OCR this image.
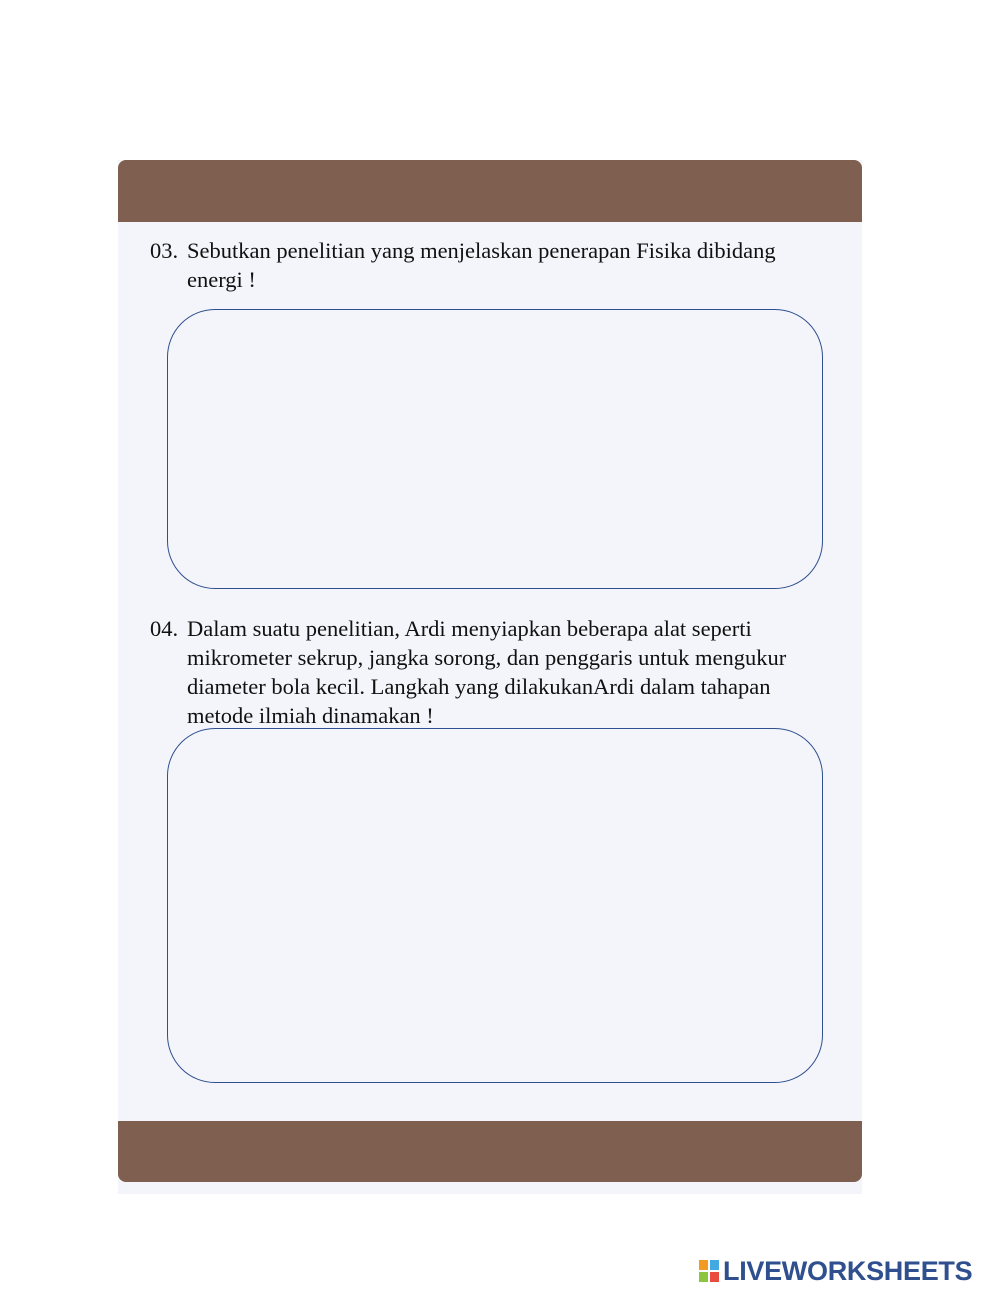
03. Sebutkan penelitian yang menjelaskan penerapan Fisika dibidang
energi !
04. Dalam suatu penelitian, Ardi menyiapkan beberapa alat seperti
mikrometer sekrup, jangka sorong, dan penggaris untuk mengukur
diameter bola kecil. Langkah yang dilakukanArdi dalam tahapan
metode ilmiah dinamakan !
LIVEWORKSHEETS
